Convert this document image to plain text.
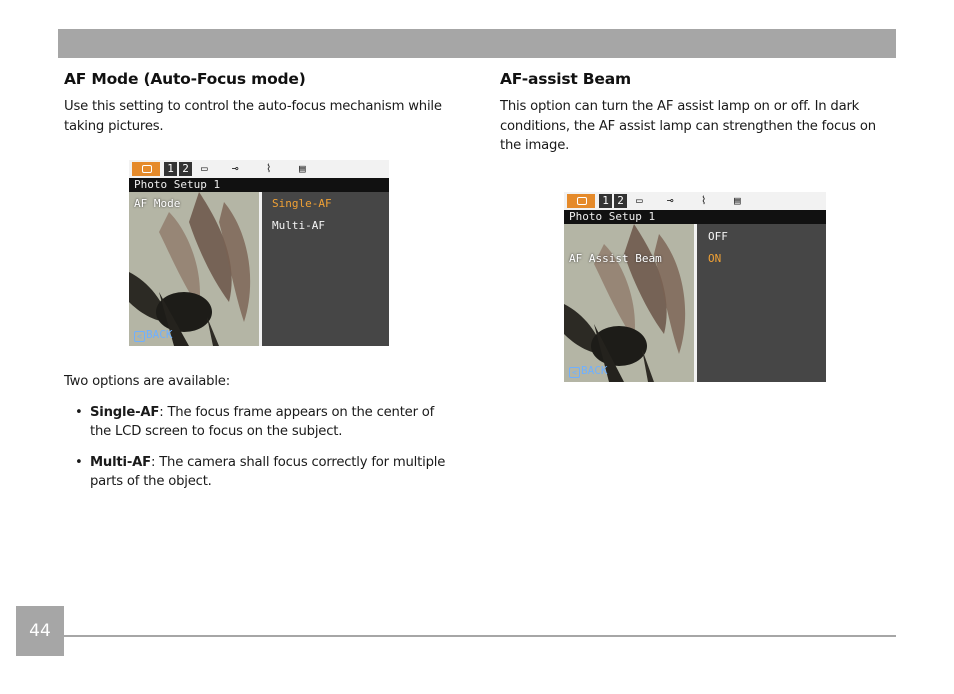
AF Mode (Auto-Focus mode)

Use this setting to control the auto-focus mechanism while taking pictures.

1 2 ▭ ⊸ ⌇	▤
Photo Setup 1
AF Mode	Single-AF
Multi-AF
< BACK

Two options are available:

• Single-AF: The focus frame appears on the center of the LCD screen to focus on the subject.
• Multi-AF: The camera shall focus correctly for multiple parts of the object.
AF-assist Beam

This option can turn the AF assist lamp on or off. In dark conditions, the AF assist lamp can strengthen the focus on the image.

1 2 ▭ ⊸ ⌇	▤
Photo Setup 1
AF Assist Beam
OFF
ON
< BACK
44
